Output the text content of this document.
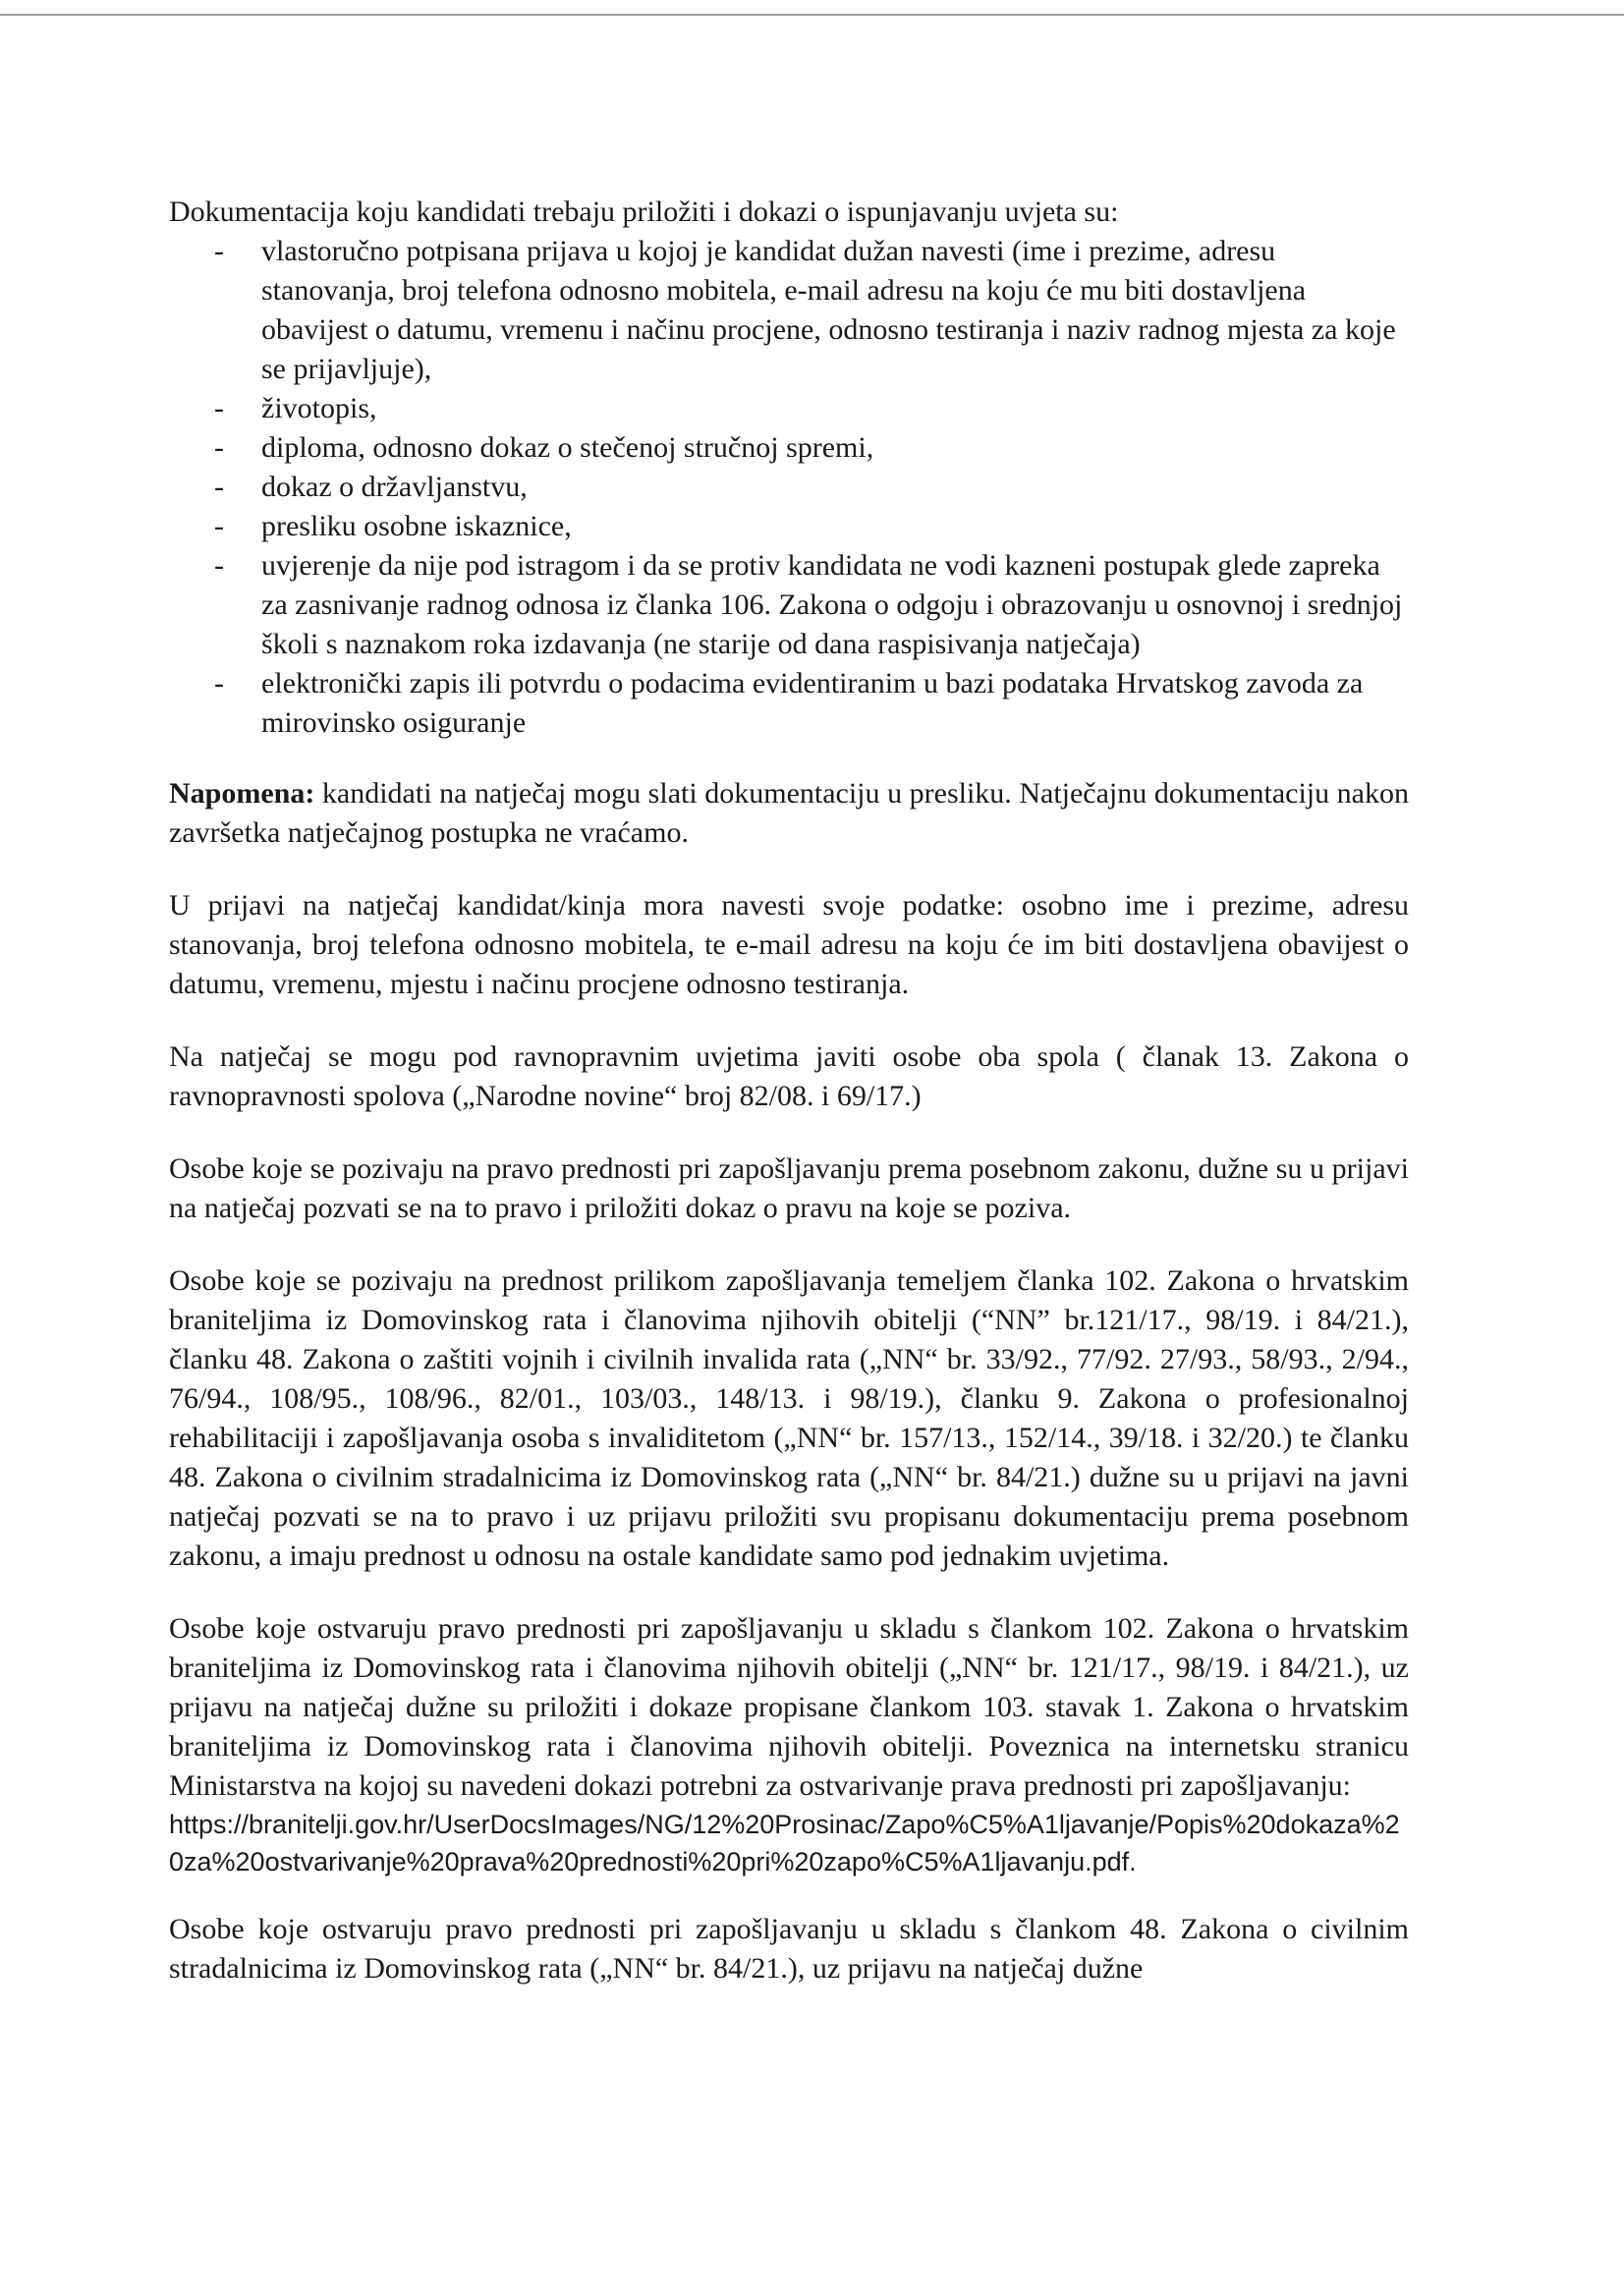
Dokumentacija koju kandidati trebaju priložiti i dokazi o ispunjavanju uvjeta su:

- vlastoručno potpisana prijava u kojoj je kandidat dužan navesti (ime i prezime, adresu stanovanja, broj telefona odnosno mobitela, e-mail adresu na koju će mu biti dostavljena obavijest o datumu, vremenu i načinu procjene, odnosno testiranja i naziv radnog mjesta za koje se prijavljuje),
- životopis,
- diploma, odnosno dokaz o stečenoj stručnoj spremi,
- dokaz o državljanstvu,
- presliku osobne iskaznice,
- uvjerenje da nije pod istragom i da se protiv kandidata ne vodi kazneni postupak glede zapreka za zasnivanje radnog odnosa iz članka 106. Zakona o odgoju i obrazovanju u osnovnoj i srednjoj školi s naznakom roka izdavanja (ne starije od dana raspisivanja natječaja)
- elektronički zapis ili potvrdu o podacima evidentiranim u bazi podataka Hrvatskog zavoda za mirovinsko osiguranje

Napomena: kandidati na natječaj mogu slati dokumentaciju u presliku. Natječajnu dokumentaciju nakon završetka natječajnog postupka ne vraćamo.

U prijavi na natječaj kandidat/kinja mora navesti svoje podatke: osobno ime i prezime, adresu stanovanja, broj telefona odnosno mobitela, te e-mail adresu na koju će im biti dostavljena obavijest o datumu, vremenu, mjestu i načinu procjene odnosno testiranja.

Na natječaj se mogu pod ravnopravnim uvjetima javiti osobe oba spola ( članak 13. Zakona o ravnopravnosti spolova („Narodne novine“ broj 82/08. i 69/17.)

Osobe koje se pozivaju na pravo prednosti pri zapošljavanju prema posebnom zakonu, dužne su u prijavi na natječaj pozvati se na to pravo i priložiti dokaz o pravu na koje se poziva.

Osobe koje se pozivaju na prednost prilikom zapošljavanja temeljem članka 102. Zakona o hrvatskim braniteljima iz Domovinskog rata i članovima njihovih obitelji (“NN” br.121/17., 98/19. i 84/21.), članku 48. Zakona o zaštiti vojnih i civilnih invalida rata („NN“ br. 33/92., 77/92. 27/93., 58/93., 2/94., 76/94., 108/95., 108/96., 82/01., 103/03., 148/13. i 98/19.), članku 9. Zakona o profesionalnoj rehabilitaciji i zapošljavanja osoba s invaliditetom („NN“ br. 157/13., 152/14., 39/18. i 32/20.) te članku 48. Zakona o civilnim stradalnicima iz Domovinskog rata („NN“ br. 84/21.) dužne su u prijavi na javni natječaj pozvati se na to pravo i uz prijavu priložiti svu propisanu dokumentaciju prema posebnom zakonu, a imaju prednost u odnosu na ostale kandidate samo pod jednakim uvjetima.

Osobe koje ostvaruju pravo prednosti pri zapošljavanju u skladu s člankom 102. Zakona o hrvatskim braniteljima iz Domovinskog rata i članovima njihovih obitelji („NN“ br. 121/17., 98/19. i 84/21.), uz prijavu na natječaj dužne su priložiti i dokaze propisane člankom 103. stavak 1. Zakona o hrvatskim braniteljima iz Domovinskog rata i članovima njihovih obitelji. Poveznica na internetsku stranicu Ministarstva na kojoj su navedeni dokazi potrebni za ostvarivanje prava prednosti pri zapošljavanju:

https://branitelji.gov.hr/UserDocsImages/NG/12%20Prosinac/Zapo%C5%A1ljavanje/Popis%20dokaza%20za%20ostvarivanje%20prava%20prednosti%20pri%20zapo%C5%A1ljavanju.pdf.

Osobe koje ostvaruju pravo prednosti pri zapošljavanju u skladu s člankom 48. Zakona o civilnim stradalnicima iz Domovinskog rata („NN“ br. 84/21.), uz prijavu na natječaj dužne
